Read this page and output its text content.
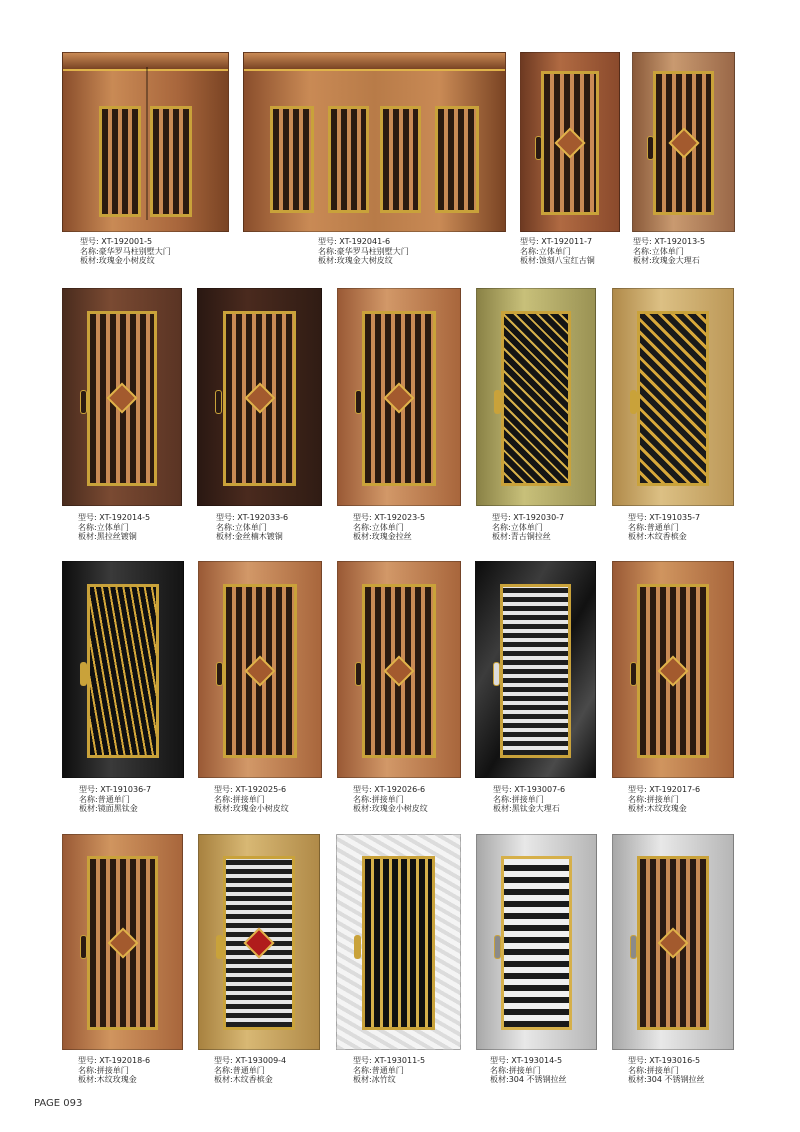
型号: XT-192001-5
名称:豪华罗马柱别墅大门
板材:玫瑰金小树皮纹
型号: XT-192041-6
名称:豪华罗马柱别墅大门
板材:玫瑰金大树皮纹
型号: XT-192011-7
名称:立体单门
板材:蚀刻八宝红古铜
型号: XT-192013-5
名称:立体单门
板材:玫瑰金大理石
型号: XT-192014-5
名称:立体单门
板材:黑拉丝镀铜
型号: XT-192033-6
名称:立体单门
板材:金丝楠木镀铜
型号: XT-192023-5
名称:立体单门
板材:玫瑰金拉丝
型号: XT-192030-7
名称:立体单门
板材:青古铜拉丝
型号: XT-191035-7
名称:普通单门
板材:木纹香槟金
型号: XT-191036-7
名称:普通单门
板材:镜面黑钛金
型号: XT-192025-6
名称:拼接单门
板材:玫瑰金小树皮纹
型号: XT-192026-6
名称:拼接单门
板材:玫瑰金小树皮纹
型号: XT-193007-6
名称:拼接单门
板材:黑钛金大理石
型号: XT-192017-6
名称:拼接单门
板材:木纹玫瑰金
型号: XT-192018-6
名称:拼接单门
板材:木纹玫瑰金
型号: XT-193009-4
名称:普通单门
板材:木纹香槟金
型号: XT-193011-5
名称:普通单门
板材:冰竹纹
型号: XT-193014-5
名称:拼接单门
板材:304 不锈钢拉丝
型号: XT-193016-5
名称:拼接单门
板材:304 不锈钢拉丝
PAGE 093
